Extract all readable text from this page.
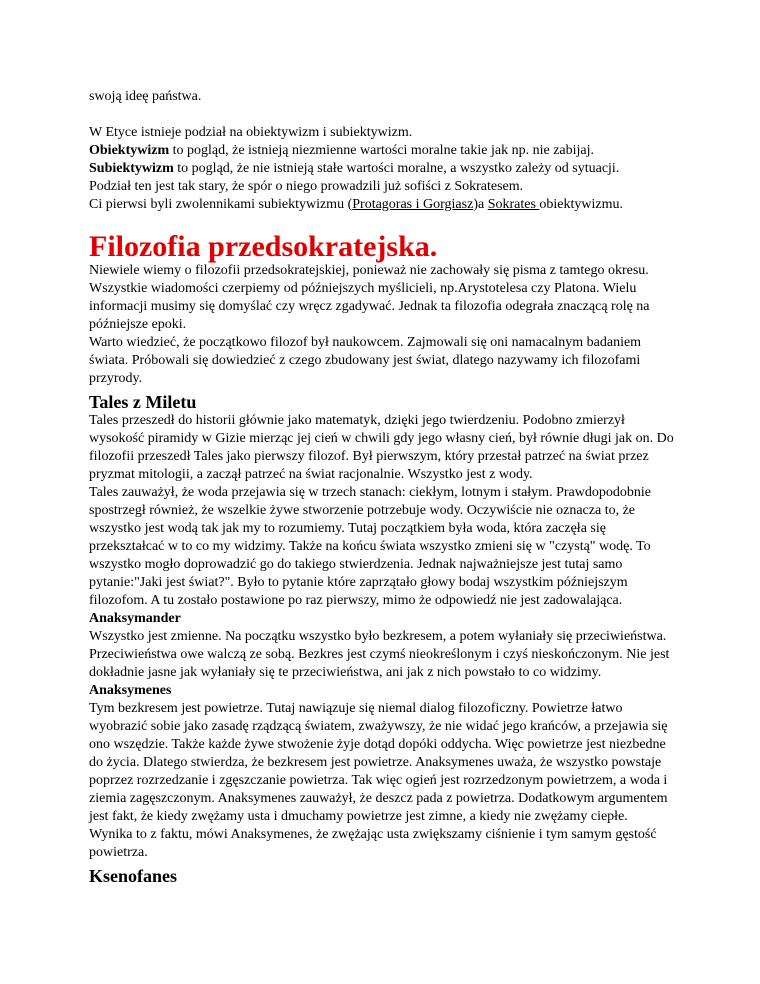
swoją ideę państwa.

W Etyce istnieje podział na obiektywizm i subiektywizm.

Obiektywizm to pogląd, że istnieją niezmienne wartości moralne takie jak np. nie zabijaj.

Subiektywizm to pogląd, że nie istnieją stałe wartości moralne, a wszystko zależy od sytuacji.

Podział ten jest tak stary, że spór o niego prowadzili już sofiści z Sokratesem.

Ci pierwsi byli zwolennikami subiektywizmu (Protagoras i Gorgiasz)a Sokrates obiektywizmu.

Filozofia przedsokratejska.

Niewiele wiemy o filozofii przedsokratejskiej, ponieważ nie zachowały się pisma z tamtego okresu. Wszystkie wiadomości czerpiemy od późniejszych myślicieli, np.Arystotelesa czy Platona. Wielu informacji musimy się domyślać czy wręcz zgadywać. Jednak ta filozofia odegrała znaczącą rolę na późniejsze epoki.

Warto wiedzieć, że początkowo filozof był naukowcem. Zajmowali się oni namacalnym badaniem świata. Próbowali się dowiedzieć z czego zbudowany jest świat, dlatego nazywamy ich filozofami przyrody.

Tales z Miletu

Tales przeszedł do historii głównie jako matematyk, dzięki jego twierdzeniu. Podobno zmierzył wysokość piramidy w Gizie mierząc jej cień w chwili gdy jego własny cień, był równie długi jak on. Do filozofii przeszedł Tales jako pierwszy filozof. Był pierwszym, który przestał patrzeć na świat przez pryzmat mitologii, a zaczął patrzeć na świat racjonalnie. Wszystko jest z wody.

Tales zauważył, że woda przejawia się w trzech stanach: ciekłym, lotnym i stałym. Prawdopodobnie spostrzegł również, że wszelkie żywe stworzenie potrzebuje wody. Oczywiście nie oznacza to, że wszystko jest wodą tak jak my to rozumiemy. Tutaj początkiem była woda, która zaczęła się przekształcać w to co my widzimy. Także na końcu świata wszystko zmieni się w "czystą" wodę. To wszystko mogło doprowadzić go do takiego stwierdzenia. Jednak najważniejsze jest tutaj samo pytanie:"Jaki jest świat?". Było to pytanie które zaprzątało głowy bodaj wszystkim późniejszym filozofom. A tu zostało postawione po raz pierwszy, mimo że odpowiedź nie jest zadowalająca.

Anaksymander

Wszystko jest zmienne. Na początku wszystko było bezkresem, a potem wyłaniały się przeciwieństwa. Przeciwieństwa owe walczą ze sobą. Bezkres jest czymś nieokreślonym i czyś nieskończonym. Nie jest dokładnie jasne jak wyłaniały się te przeciwieństwa, ani jak z nich powstało to co widzimy.

Anaksymenes

Tym bezkresem jest powietrze. Tutaj nawiązuje się niemal dialog filozoficzny. Powietrze łatwo wyobrazić sobie jako zasadę rządzącą światem, zważywszy, że nie widać jego krańców, a przejawia się ono wszędzie. Także każde żywe stwożenie żyje dotąd dopóki oddycha. Więc powietrze jest niezbedne do życia. Dlatego stwierdza, że bezkresem jest powietrze. Anaksymenes uważa, że wszystko powstaje poprzez rozrzedzanie i zgęszczanie powietrza. Tak więc ogień jest rozrzedzonym powietrzem, a woda i ziemia zagęszczonym. Anaksymenes zauważył, że deszcz pada z powietrza. Dodatkowym argumentem jest fakt, że kiedy zwężamy usta i dmuchamy powietrze jest zimne, a kiedy nie zwężamy ciepłe. Wynika to z faktu, mówi Anaksymenes, że zwężając usta zwiększamy ciśnienie i tym samym gęstość powietrza.

Ksenofanes
